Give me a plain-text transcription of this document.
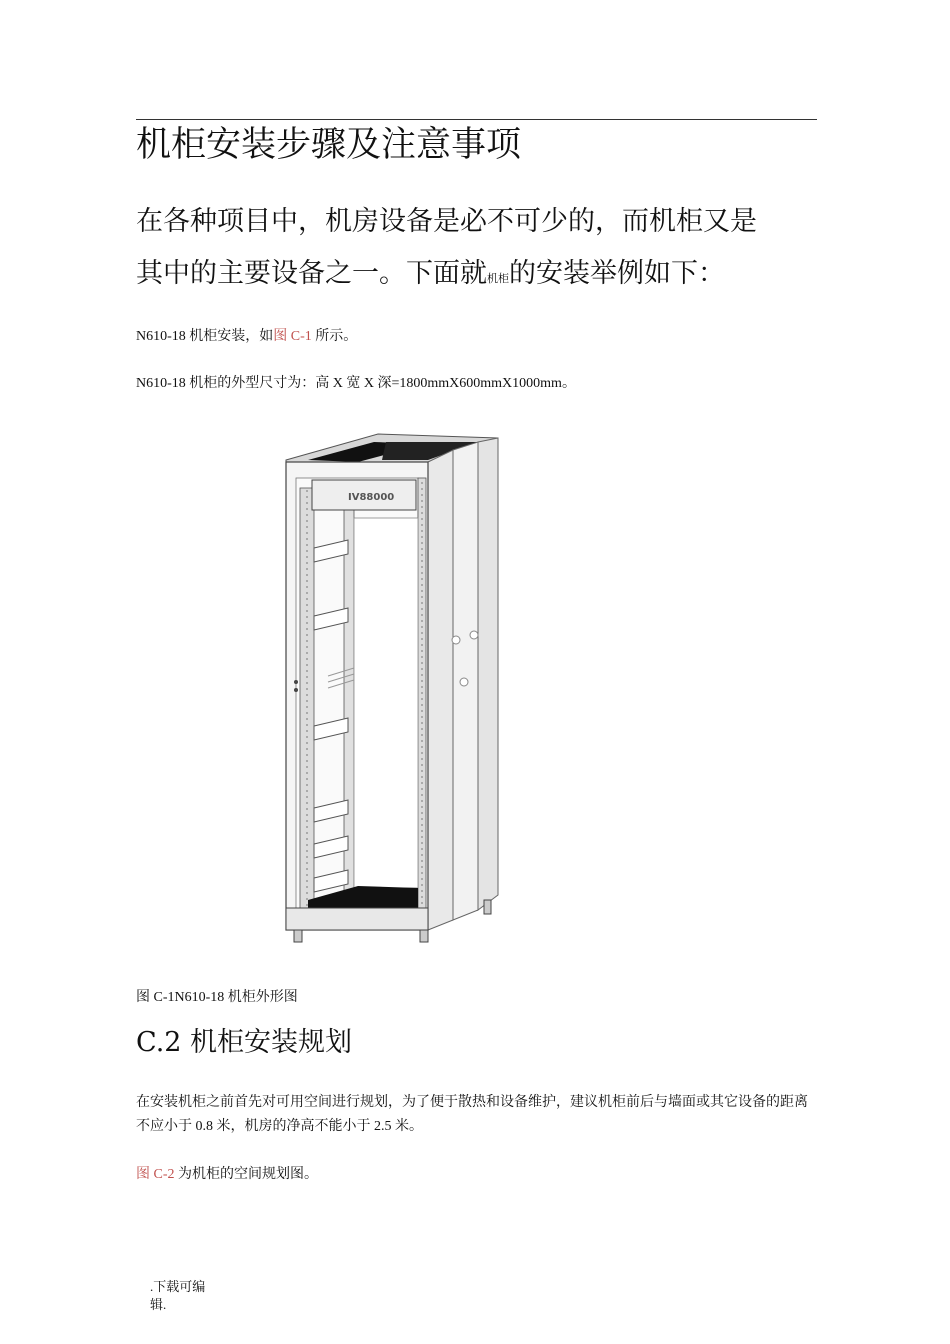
机柜安装步骤及注意事项
在各种项目中，机房设备是必不可少的，而机柜又是
其中的主要设备之一。下面就机柜的安装举例如下：
N610-18 机柜安装，如图 C-1 所示。
N610-18 机柜的外型尺寸为：高 X 宽 X 深=1800mmX600mmX1000mm。
IV88000
图 C-1N610-18 机柜外形图
C.2 机柜安装规划
在安装机柜之前首先对可用空间进行规划，为了便于散热和设备维护，建议机柜前后与墙面或其它设备的距离不应小于 0.8 米，机房的净高不能小于 2.5 米。
图 C-2 为机柜的空间规划图。
.下载可编
辑.
